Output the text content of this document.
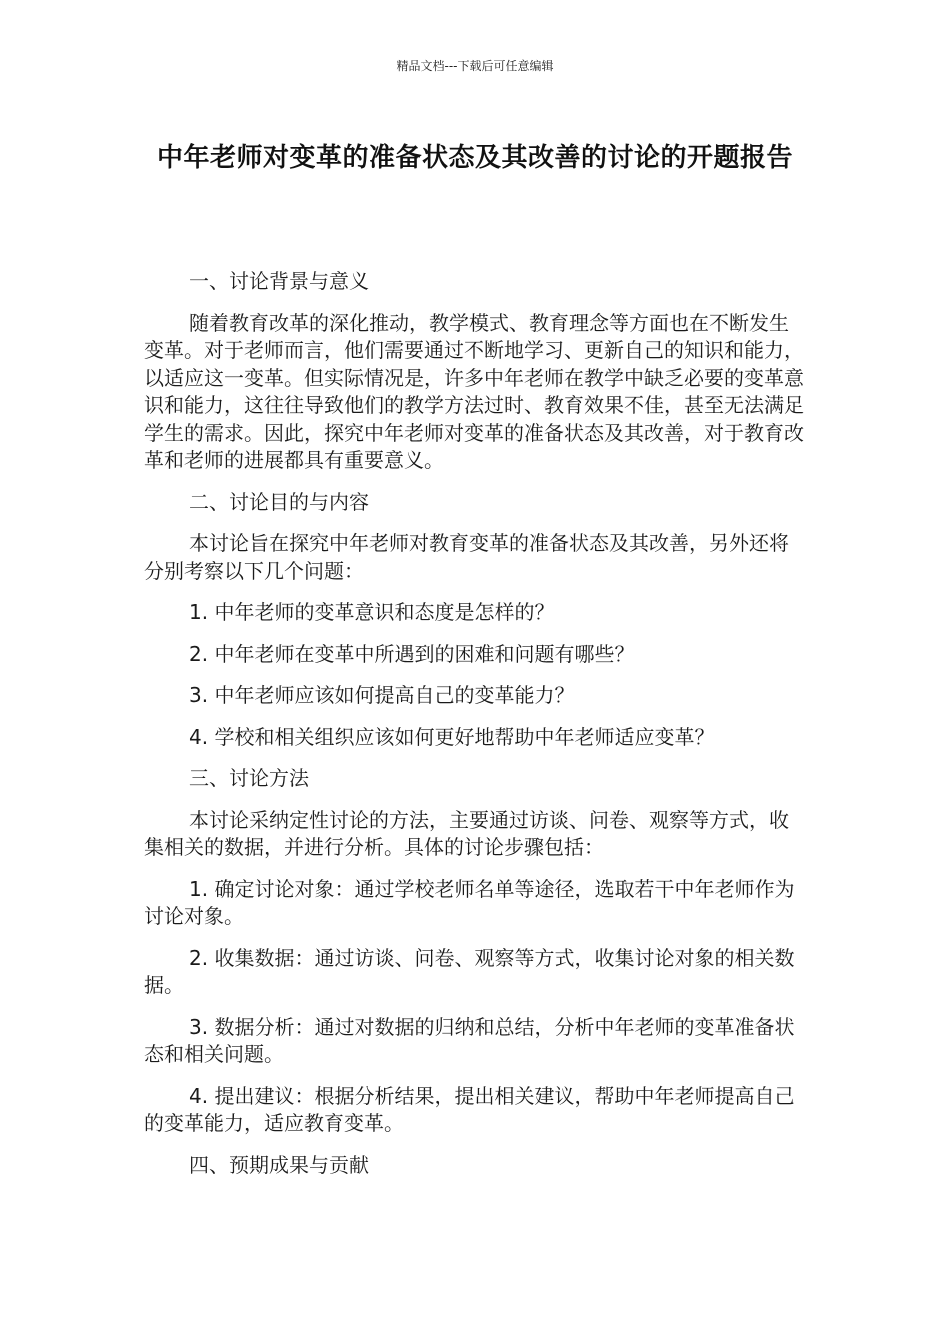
精品文档---下载后可任意编辑
中年老师对变革的准备状态及其改善的讨论的开题报告

一、讨论背景与意义

随着教育改革的深化推动，教学模式、教育理念等方面也在不断发生变革。对于老师而言，他们需要通过不断地学习、更新自己的知识和能力，以适应这一变革。但实际情况是，许多中年老师在教学中缺乏必要的变革意识和能力，这往往导致他们的教学方法过时、教育效果不佳，甚至无法满足学生的需求。因此，探究中年老师对变革的准备状态及其改善，对于教育改革和老师的进展都具有重要意义。

二、讨论目的与内容

本讨论旨在探究中年老师对教育变革的准备状态及其改善，另外还将分别考察以下几个问题：

1. 中年老师的变革意识和态度是怎样的？

2. 中年老师在变革中所遇到的困难和问题有哪些？

3. 中年老师应该如何提高自己的变革能力？

4. 学校和相关组织应该如何更好地帮助中年老师适应变革？

三、讨论方法

本讨论采纳定性讨论的方法，主要通过访谈、问卷、观察等方式，收集相关的数据，并进行分析。具体的讨论步骤包括：

1. 确定讨论对象：通过学校老师名单等途径，选取若干中年老师作为讨论对象。

2. 收集数据：通过访谈、问卷、观察等方式，收集讨论对象的相关数据。

3. 数据分析：通过对数据的归纳和总结，分析中年老师的变革准备状态和相关问题。

4. 提出建议：根据分析结果，提出相关建议，帮助中年老师提高自己的变革能力，适应教育变革。

四、预期成果与贡献
